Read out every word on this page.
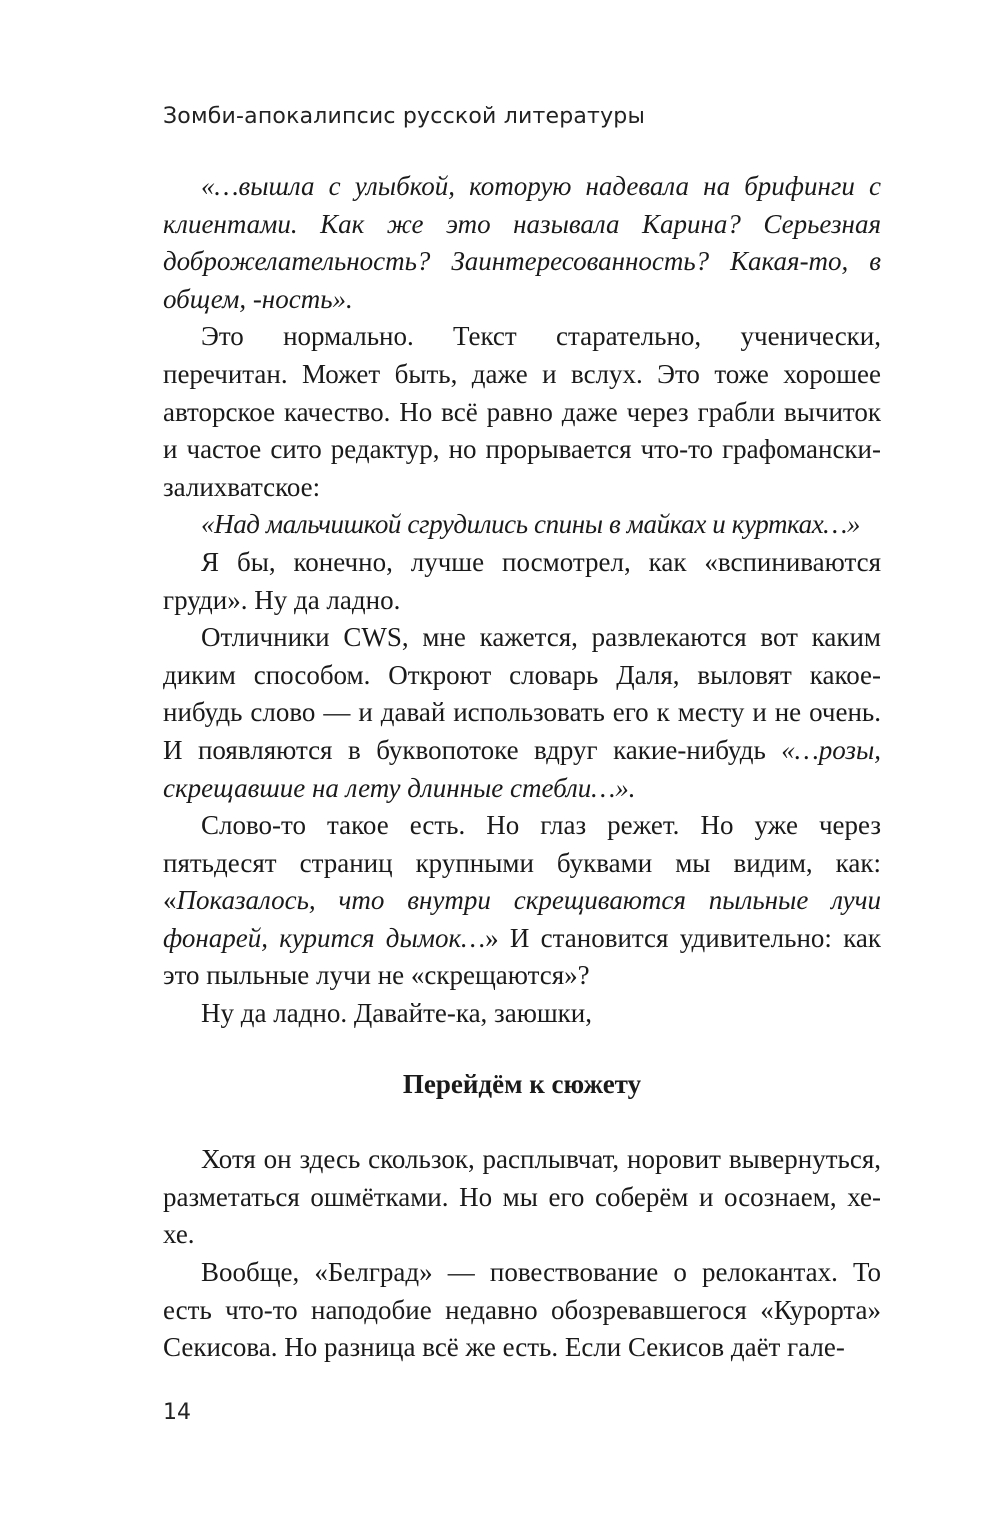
Зомби-апокалипсис русской литературы

«…вышла с улыбкой, которую надевала на брифинги с клиентами. Как же это называла Карина? Серьезная доброжелательность? Заинтересованность? Какая-то, в общем, -ность».

Это нормально. Текст старательно, ученически, перечитан. Может быть, даже и вслух. Это тоже хорошее авторское качество. Но всё равно даже через грабли вычиток и частое сито редактур, но прорывается что-то графомански-залихватское:

«Над мальчишкой сгрудились спины в майках и куртках…»

Я бы, конечно, лучше посмотрел, как «вспиниваются груди». Ну да ладно.

Отличники CWS, мне кажется, развлекаются вот каким диким способом. Откроют словарь Даля, выловят какое-нибудь слово — и давай использовать его к месту и не очень. И появляются в буквопотоке вдруг какие-нибудь «…розы, скрещавшие на лету длинные стебли…».

Слово-то такое есть. Но глаз режет. Но уже через пятьдесят страниц крупными буквами мы видим, как: «Показалось, что внутри скрещиваются пыльные лучи фонарей, курится дымок…» И становится удивительно: как это пыльные лучи не «скрещаются»?

Ну да ладно. Давайте-ка, заюшки,

Перейдём к сюжету

Хотя он здесь скользок, расплывчат, норовит вывернуться, разметаться ошмётками. Но мы его соберём и осознаем, хе-хе.

Вообще, «Белград» — повествование о релокантах. То есть что-то наподобие недавно обозревавшегося «Курорта» Секисова. Но разница всё же есть. Если Секисов даёт гале-

14
